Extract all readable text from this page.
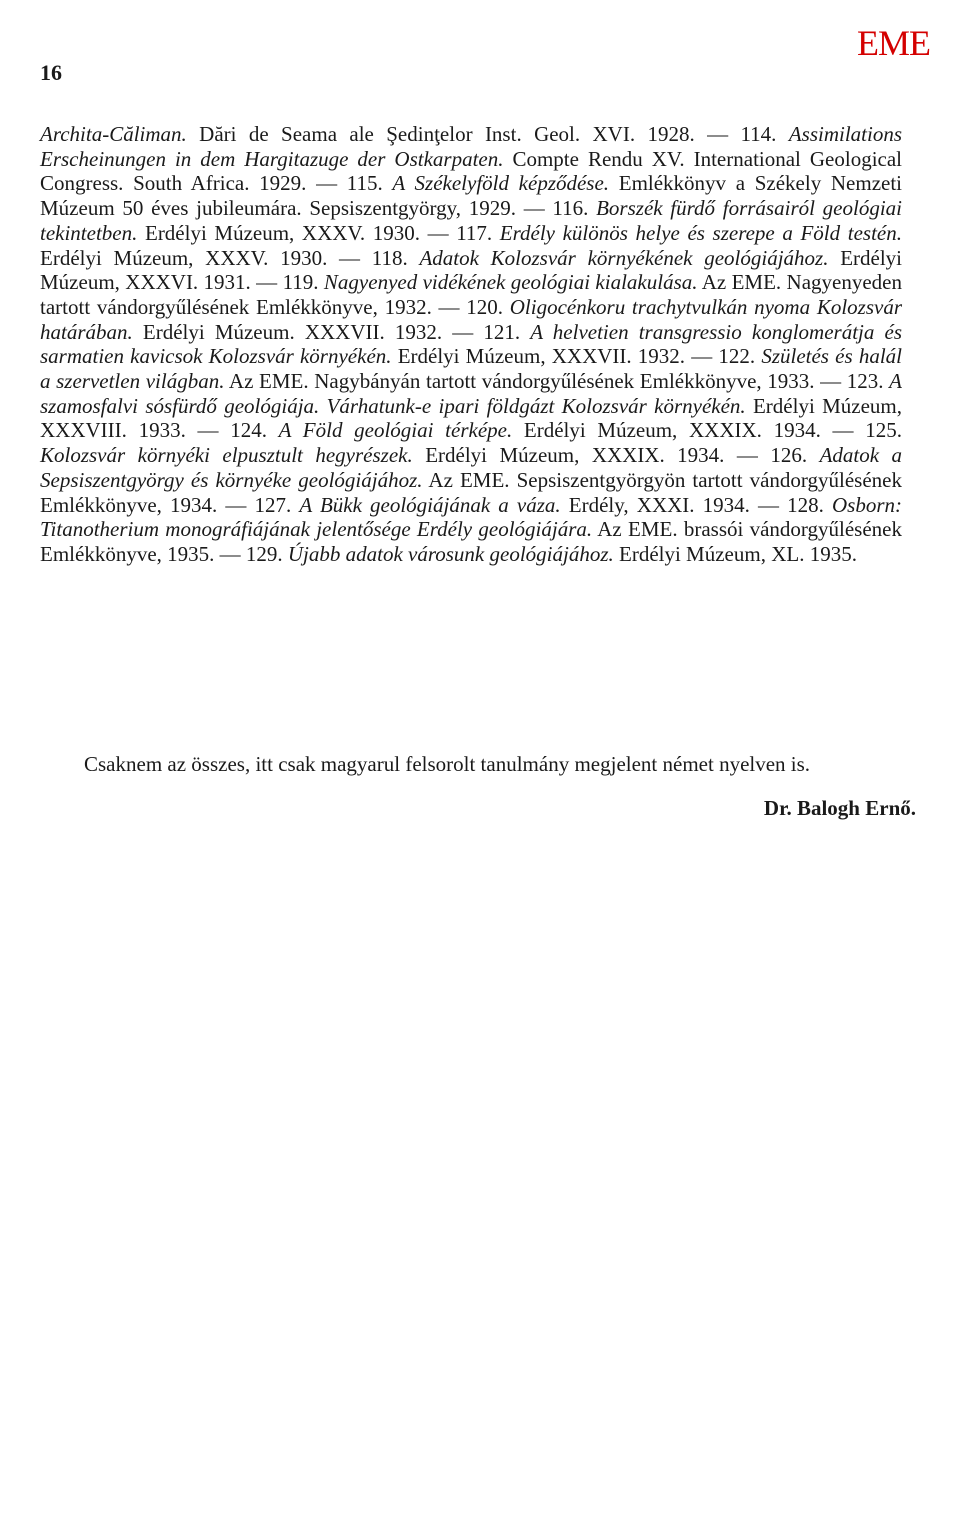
16
EME

Archita-Căliman. Dări de Seama ale Şedinţelor Inst. Geol. XVI. 1928. — 114. Assimilations Erscheinungen in dem Hargitazuge der Ostkarpaten. Compte Rendu XV. International Geological Congress. South Africa. 1929. — 115. A Székelyföld képződése. Emlékkönyv a Székely Nemzeti Múzeum 50 éves jubileumára. Sepsiszentgyörgy, 1929. — 116. Borszék fürdő forrásairól geológiai tekintetben. Erdélyi Múzeum, XXXV. 1930. — 117. Erdély különös helye és szerepe a Föld testén. Erdélyi Múzeum, XXXV. 1930. — 118. Adatok Kolozsvár környékének geológiájához. Erdélyi Múzeum, XXXVI. 1931. — 119. Nagyenyed vidékének geológiai kialakulása. Az EME. Nagyenyeden tartott vándorgyűlésének Emlékkönyve, 1932. — 120. Oligocénkoru trachytvulkán nyoma Kolozsvár határában. Erdélyi Múzeum. XXXVII. 1932. — 121. A helvetien transgressio konglomerátja és sarmatien kavicsok Kolozsvár környékén. Erdélyi Múzeum, XXXVII. 1932. — 122. Születés és halál a szervetlen világban. Az EME. Nagybányán tartott vándorgyűlésének Emlékkönyve, 1933. — 123. A szamosfalvi sósfürdő geológiája. Várhatunk-e ipari földgázt Kolozsvár környékén. Erdélyi Múzeum, XXXVIII. 1933. — 124. A Föld geológiai térképe. Erdélyi Múzeum, XXXIX. 1934. — 125. Kolozsvár környéki elpusztult hegyrészek. Erdélyi Múzeum, XXXIX. 1934. — 126. Adatok a Sepsiszentgyörgy és környéke geológiájához. Az EME. Sepsiszentgyörgyön tartott vándorgyűlésének Emlékkönyve, 1934. — 127. A Bükk geológiájának a váza. Erdély, XXXI. 1934. — 128. Osborn: Titanotherium monográfiájának jelentősége Erdély geológiájára. Az EME. brassói vándorgyűlésének Emlékkönyve, 1935. — 129. Újabb adatok városunk geológiájához. Erdélyi Múzeum, XL. 1935.

Csaknem az összes, itt csak magyarul felsorolt tanulmány megjelent német nyelven is.

Dr. Balogh Ernő.
